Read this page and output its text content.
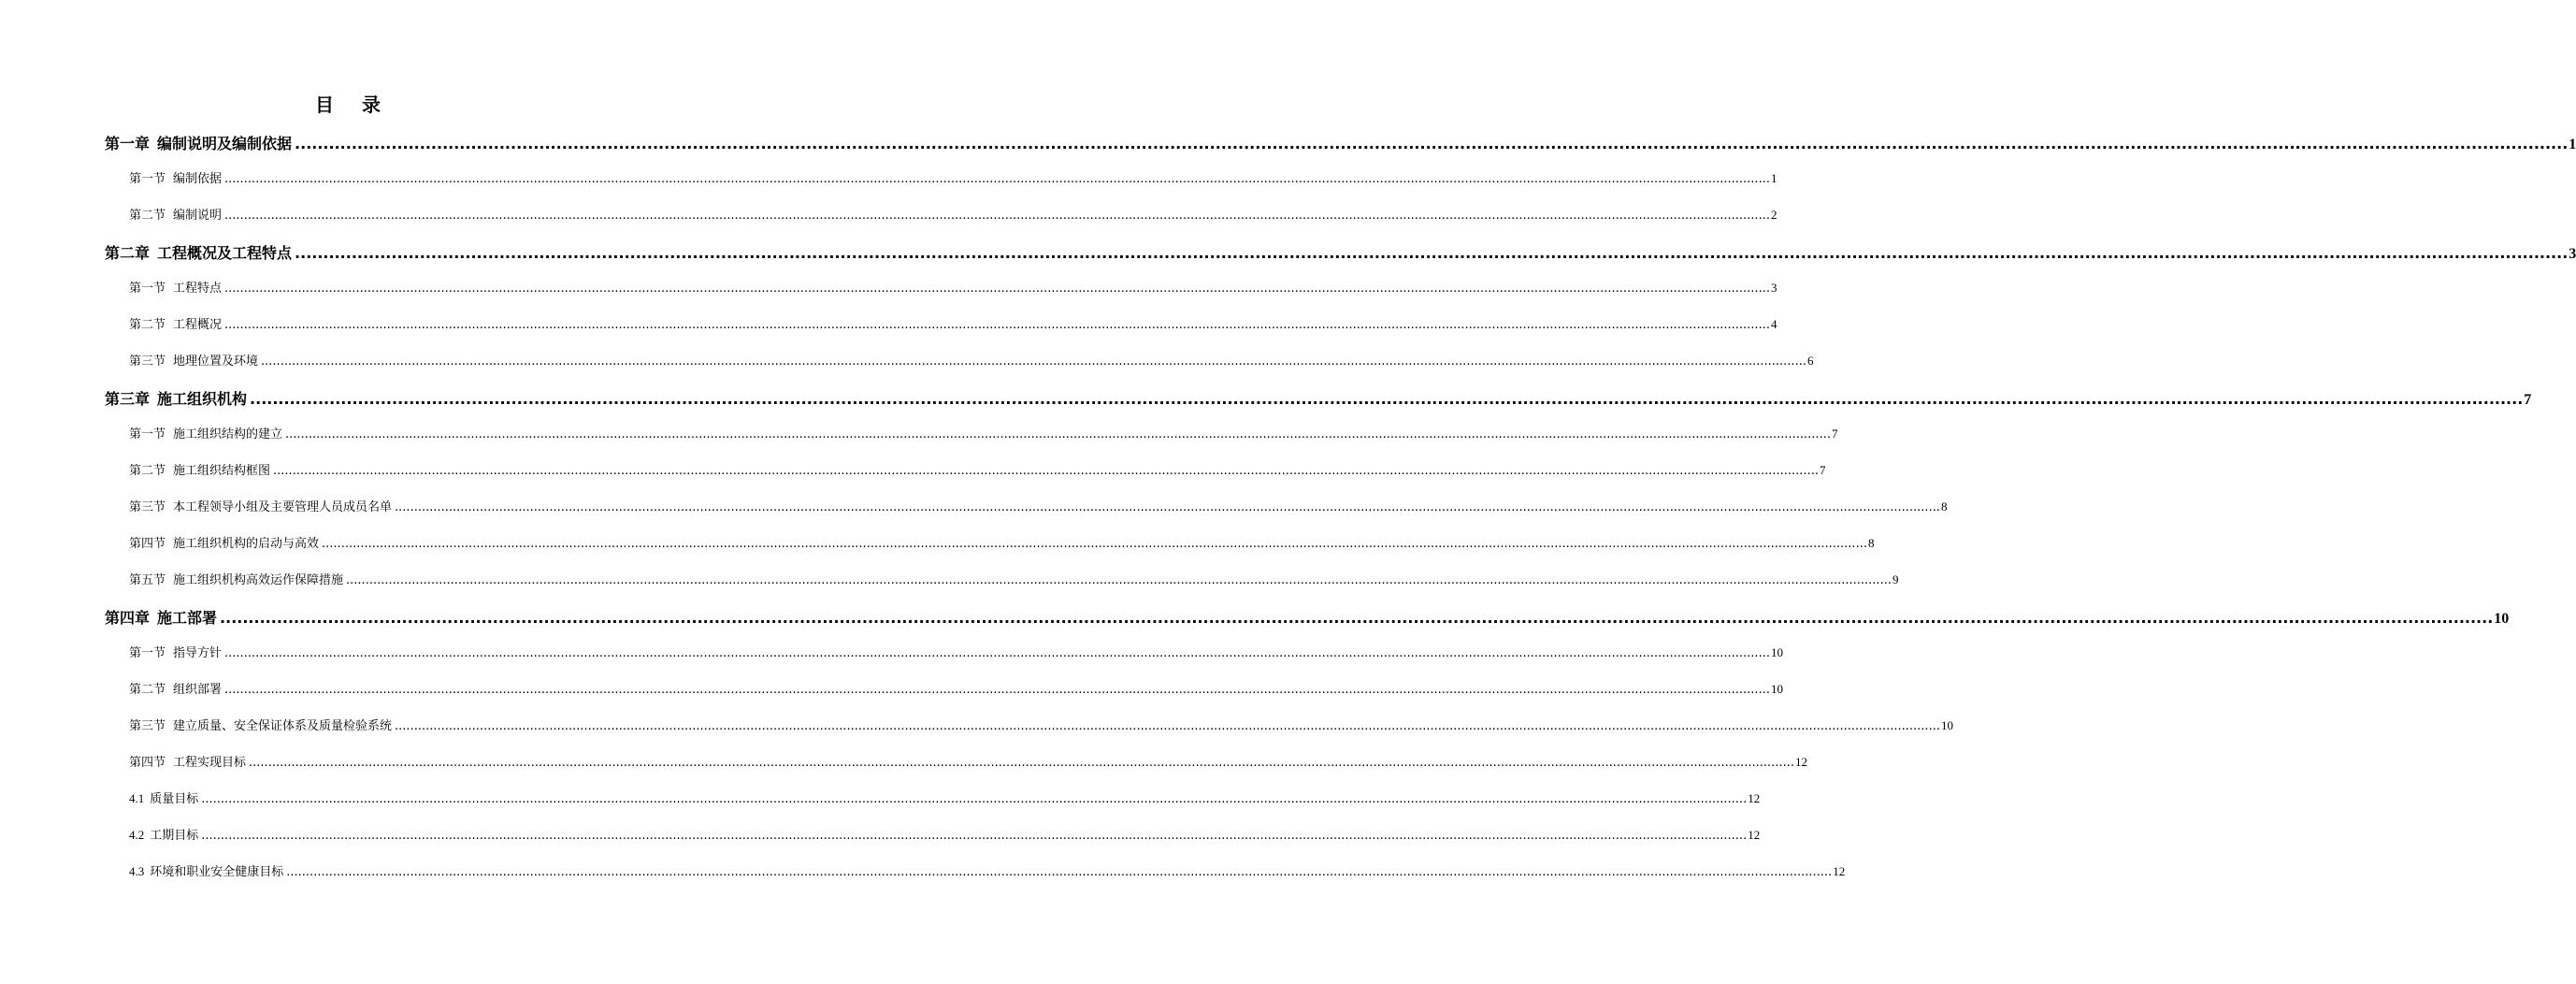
目 录
第一章 编制说明及编制依据 ................................................................................................................................................................................................................................................................................................................................................................................................................ 1
第一节 编制依据 ................................................................................................................................................................................................................................................................................................................................................................................................................ 1
第二节 编制说明 ................................................................................................................................................................................................................................................................................................................................................................................................................ 2
第二章 工程概况及工程特点 ................................................................................................................................................................................................................................................................................................................................................................................................................ 3
第一节 工程特点 ................................................................................................................................................................................................................................................................................................................................................................................................................ 3
第二节 工程概况 ................................................................................................................................................................................................................................................................................................................................................................................................................ 4
第三节 地理位置及环境 ................................................................................................................................................................................................................................................................................................................................................................................................................ 6
第三章 施工组织机构 ................................................................................................................................................................................................................................................................................................................................................................................................................ 7
第一节 施工组织结构的建立 ................................................................................................................................................................................................................................................................................................................................................................................................................ 7
第二节 施工组织结构框图 ................................................................................................................................................................................................................................................................................................................................................................................................................ 7
第三节 本工程领导小组及主要管理人员成员名单 ................................................................................................................................................................................................................................................................................................................................................................................................................ 8
第四节 施工组织机构的启动与高效 ................................................................................................................................................................................................................................................................................................................................................................................................................ 8
第五节 施工组织机构高效运作保障措施 ................................................................................................................................................................................................................................................................................................................................................................................................................ 9
第四章 施工部署 ................................................................................................................................................................................................................................................................................................................................................................................................................ 10
第一节 指导方针 ................................................................................................................................................................................................................................................................................................................................................................................................................ 10
第二节 组织部署 ................................................................................................................................................................................................................................................................................................................................................................................................................ 10
第三节 建立质量、安全保证体系及质量检验系统 ................................................................................................................................................................................................................................................................................................................................................................................................................ 10
第四节 工程实现目标 ................................................................................................................................................................................................................................................................................................................................................................................................................ 12
4.1 质量目标 ................................................................................................................................................................................................................................................................................................................................................................................................................ 12
4.2 工期目标 ................................................................................................................................................................................................................................................................................................................................................................................................................ 12
4.3 环境和职业安全健康目标 ................................................................................................................................................................................................................................................................................................................................................................................................................ 12
